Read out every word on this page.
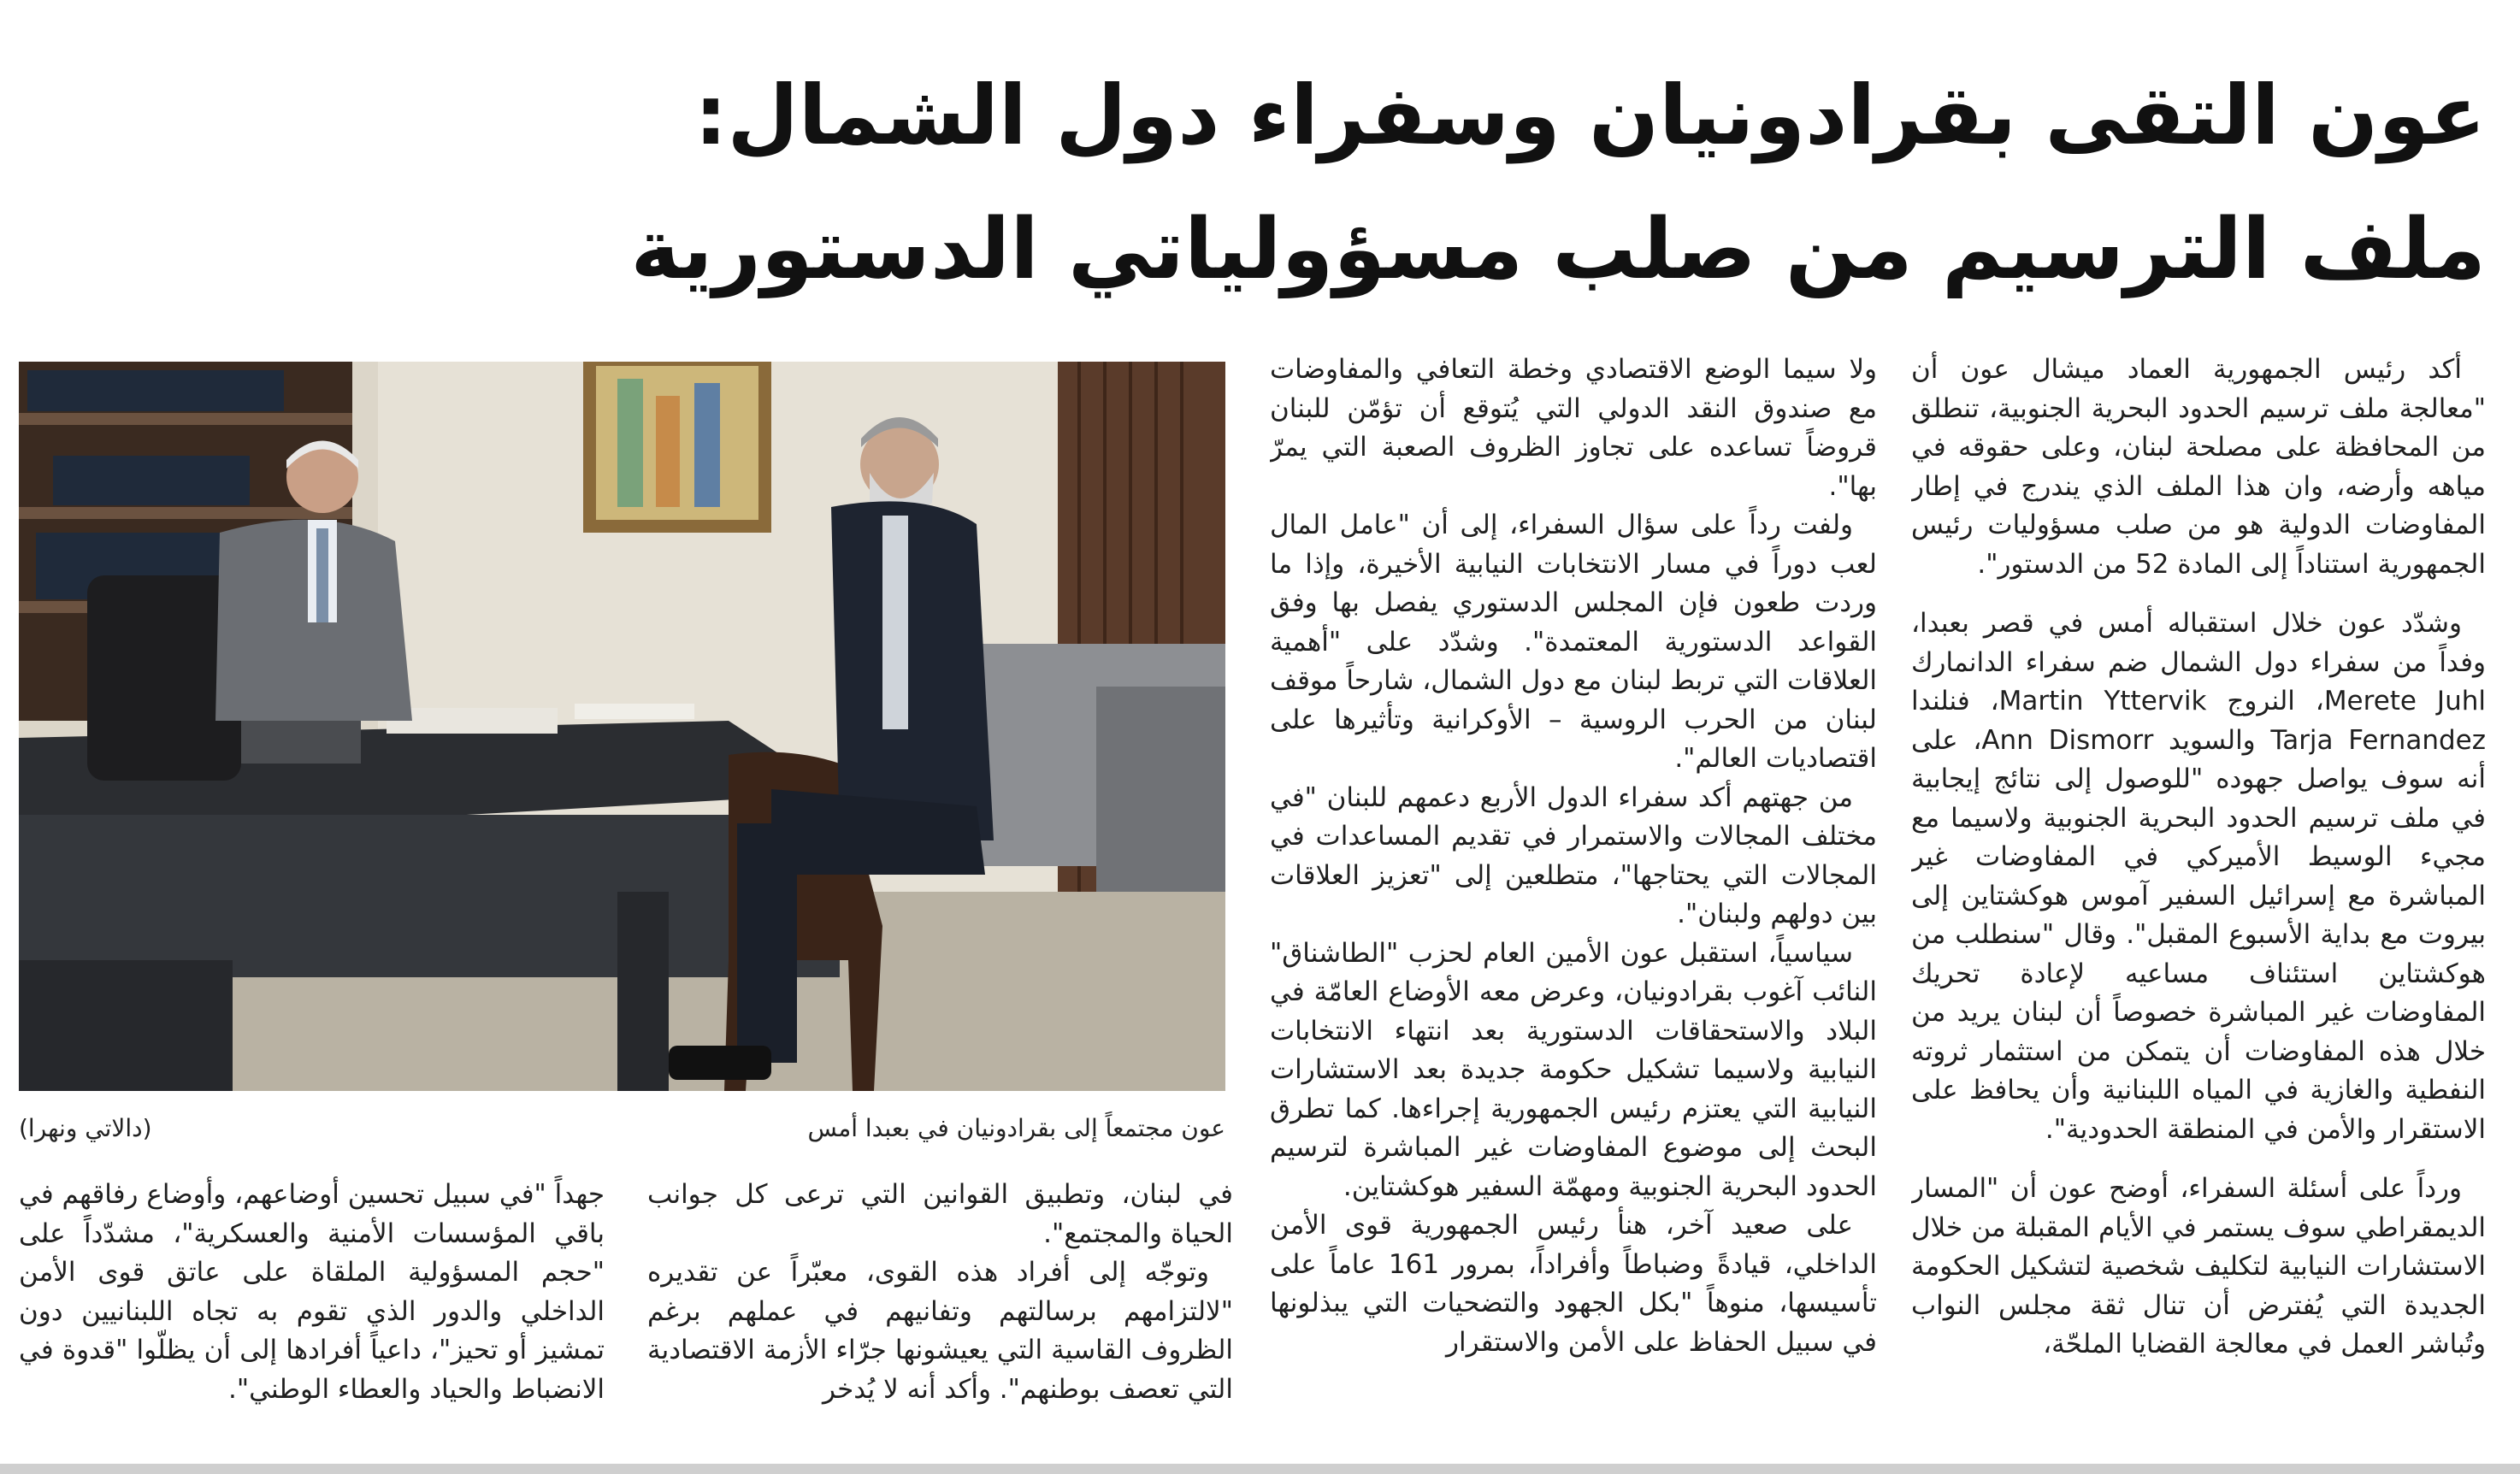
عون التقى بقرادونيان وسفراء دول الشمال:
ملف الترسيم من صلب مسؤولياتي الدستورية

أكد رئيس الجمهورية العماد ميشال عون أن "معالجة ملف ترسيم الحدود البحرية الجنوبية، تنطلق من المحافظة على مصلحة لبنان، وعلى حقوقه في مياهه وأرضه، وان هذا الملف الذي يندرج في إطار المفاوضات الدولية هو من صلب مسؤوليات رئيس الجمهورية استناداً إلى المادة 52 من الدستور".

وشدّد عون خلال استقباله أمس في قصر بعبدا، وفداً من سفراء دول الشمال ضم سفراء الدانمارك Merete Juhl، النروج Martin Yttervik، فنلندا Tarja Fernandez والسويد Ann Dismorr، على أنه سوف يواصل جهوده "للوصول إلى نتائج إيجابية في ملف ترسيم الحدود البحرية الجنوبية ولاسيما مع مجيء الوسيط الأميركي في المفاوضات غير المباشرة مع إسرائيل السفير آموس هوكشتاين إلى بيروت مع بداية الأسبوع المقبل". وقال "سنطلب من هوكشتاين استئناف مساعيه لإعادة تحريك المفاوضات غير المباشرة خصوصاً أن لبنان يريد من خلال هذه المفاوضات أن يتمكن من استثمار ثروته النفطية والغازية في المياه اللبنانية وأن يحافظ على الاستقرار والأمن في المنطقة الحدودية".

ورداً على أسئلة السفراء، أوضح عون أن "المسار الديمقراطي سوف يستمر في الأيام المقبلة من خلال الاستشارات النيابية لتكليف شخصية لتشكيل الحكومة الجديدة التي يُفترض أن تنال ثقة مجلس النواب وتُباشر العمل في معالجة القضايا الملحّة،

ولا سيما الوضع الاقتصادي وخطة التعافي والمفاوضات مع صندوق النقد الدولي التي يُتوقع أن تؤمّن للبنان قروضاً تساعده على تجاوز الظروف الصعبة التي يمرّ بها".

ولفت رداً على سؤال السفراء، إلى أن "عامل المال لعب دوراً في مسار الانتخابات النيابية الأخيرة، وإذا ما وردت طعون فإن المجلس الدستوري يفصل بها وفق القواعد الدستورية المعتمدة". وشدّد على "أهمية العلاقات التي تربط لبنان مع دول الشمال، شارحاً موقف لبنان من الحرب الروسية – الأوكرانية وتأثيرها على اقتصاديات العالم".

من جهتهم أكد سفراء الدول الأربع دعمهم للبنان "في مختلف المجالات والاستمرار في تقديم المساعدات في المجالات التي يحتاجها"، متطلعين إلى "تعزيز العلاقات بين دولهم ولبنان".

سياسياً، استقبل عون الأمين العام لحزب "الطاشناق" النائب آغوب بقرادونيان، وعرض معه الأوضاع العامّة في البلاد والاستحقاقات الدستورية بعد انتهاء الانتخابات النيابية ولاسيما تشكيل حكومة جديدة بعد الاستشارات النيابية التي يعتزم رئيس الجمهورية إجراءها. كما تطرق البحث إلى موضوع المفاوضات غير المباشرة لترسيم الحدود البحرية الجنوبية ومهمّة السفير هوكشتاين.

على صعيد آخر، هنأ رئيس الجمهورية قوى الأمن الداخلي، قيادةً وضباطاً وأفراداً، بمرور 161 عاماً على تأسيسها، منوهاً "بكل الجهود والتضحيات التي يبذلونها في سبيل الحفاظ على الأمن والاستقرار

عون مجتمعاً إلى بقرادونيان في بعبدا أمس
(دالاتي ونهرا)

في لبنان، وتطبيق القوانين التي ترعى كل جوانب الحياة والمجتمع".

وتوجّه إلى أفراد هذه القوى، معبّراً عن تقديره "لالتزامهم برسالتهم وتفانيهم في عملهم برغم الظروف القاسية التي يعيشونها جرّاء الأزمة الاقتصادية التي تعصف بوطنهم". وأكد أنه لا يُدخر

جهداً "في سبيل تحسين أوضاعهم، وأوضاع رفاقهم في باقي المؤسسات الأمنية والعسكرية"، مشدّداً على "حجم المسؤولية الملقاة على عاتق قوى الأمن الداخلي والدور الذي تقوم به تجاه اللبنانيين دون تمشيز أو تحيز"، داعياً أفرادها إلى أن يظلّوا "قدوة في الانضباط والحياد والعطاء الوطني".
